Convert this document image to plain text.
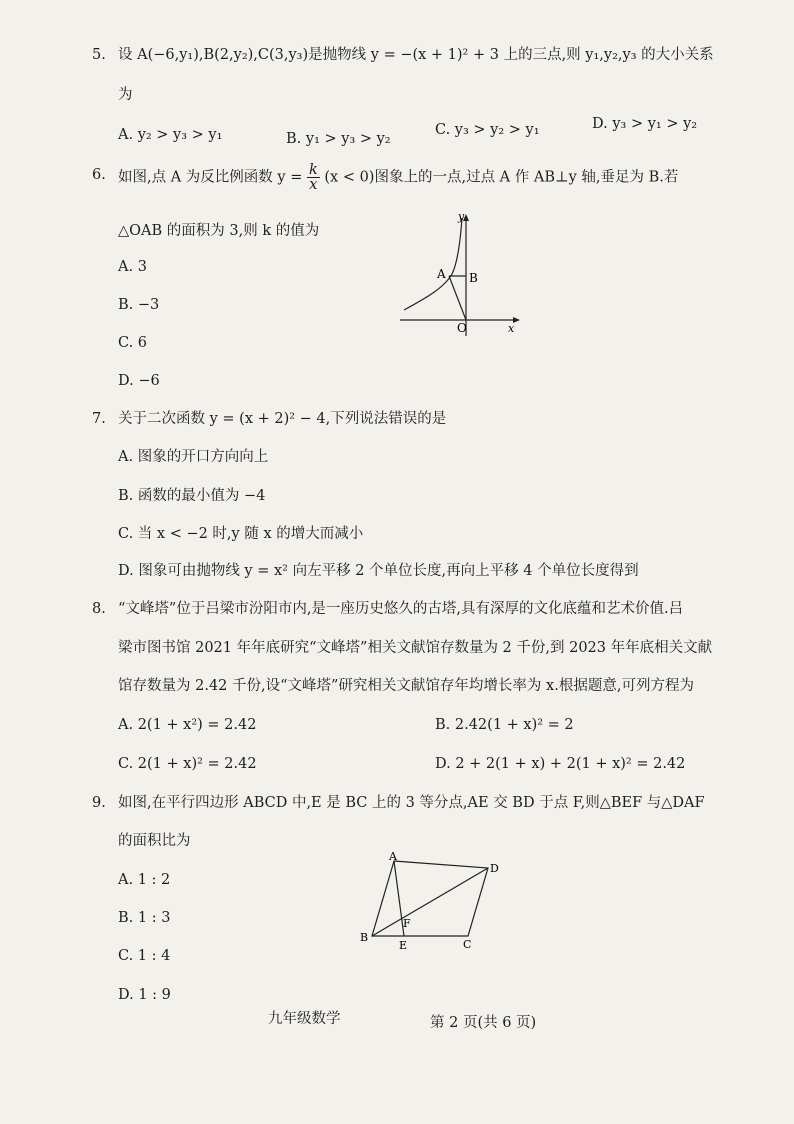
5. 设 A(−6,y₁),B(2,y₂),C(3,y₃)是抛物线 y = −(x + 1)² + 3 上的三点,则 y₁,y₂,y₃ 的大小关系
为
A. y₂ > y₃ > y₁	B. y₁ > y₃ > y₂
C. y₃ > y₂ > y₁	D. y₃ > y₁ > y₂
6. 如图,点 A 为反比例函数 $y = \frac{k}{x} (x < 0)$图象上的一点,过点 A 作 AB⊥y 轴,垂足为 B.若
△OAB 的面积为 3,则 k 的值为
A. 3
B. −3
C. 6
D. −6
y
x
A B
O
7. 关于二次函数 y = (x + 2)² − 4,下列说法错误的是
A. 图象的开口方向向上
B. 函数的最小值为 −4
C. 当 x < −2 时,y 随 x 的增大而减小
D. 图象可由抛物线 y = x² 向左平移 2 个单位长度,再向上平移 4 个单位长度得到
8. “文峰塔”位于吕梁市汾阳市内,是一座历史悠久的古塔,具有深厚的文化底蕴和艺术价值.吕
梁市图书馆 2021 年年底研究“文峰塔”相关文献馆存数量为 2 千份,到 2023 年年底相关文献
馆存数量为 2.42 千份,设“文峰塔”研究相关文献馆存年均增长率为 x.根据题意,可列方程为
A. 2(1 + x²) = 2.42	B. 2.42(1 + x)² = 2
C. 2(1 + x)² = 2.42	D. 2 + 2(1 + x) + 2(1 + x)² = 2.42
9. 如图,在平行四边形 ABCD 中,E 是 BC 上的 3 等分点,AE 交 BD 于点 F,则△BEF 与△DAF
的面积比为
A. 1 : 2
B. 1 : 3
C. 1 : 4
D. 1 : 9
A
B
C
D
E
F
九年级数学	第 2 页(共 6 页)
